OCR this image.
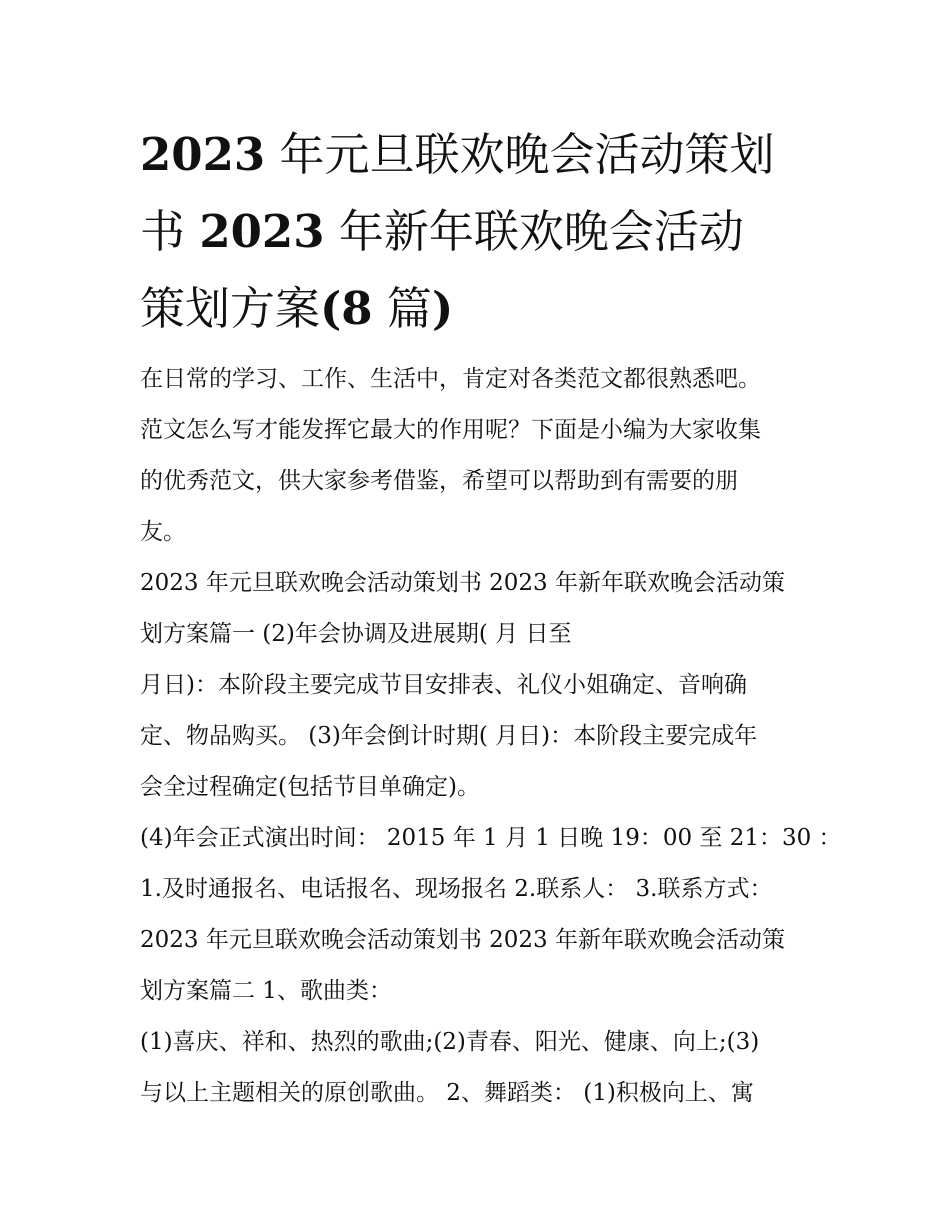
2023 年元旦联欢晚会活动策划
书 2023 年新年联欢晚会活动
策划方案(8 篇)
在日常的学习、工作、生活中，肯定对各类范文都很熟悉吧。
范文怎么写才能发挥它最大的作用呢？下面是小编为大家收集
的优秀范文，供大家参考借鉴，希望可以帮助到有需要的朋
友。
2023 年元旦联欢晚会活动策划书 2023 年新年联欢晚会活动策
划方案篇一 (2)年会协调及进展期( 月 日至
月日)：本阶段主要完成节目安排表、礼仪小姐确定、音响确
定、物品购买。 (3)年会倒计时期( 月日)：本阶段主要完成年
会全过程确定(包括节目单确定)。
(4)年会正式演出时间： 2015 年 1 月 1 日晚 19：00 至 21：30 ：
1.及时通报名、电话报名、现场报名 2.联系人： 3.联系方式：
2023 年元旦联欢晚会活动策划书 2023 年新年联欢晚会活动策
划方案篇二 1、歌曲类：
(1)喜庆、祥和、热烈的歌曲;(2)青春、阳光、健康、向上;(3)
与以上主题相关的原创歌曲。 2、舞蹈类： (1)积极向上、寓
